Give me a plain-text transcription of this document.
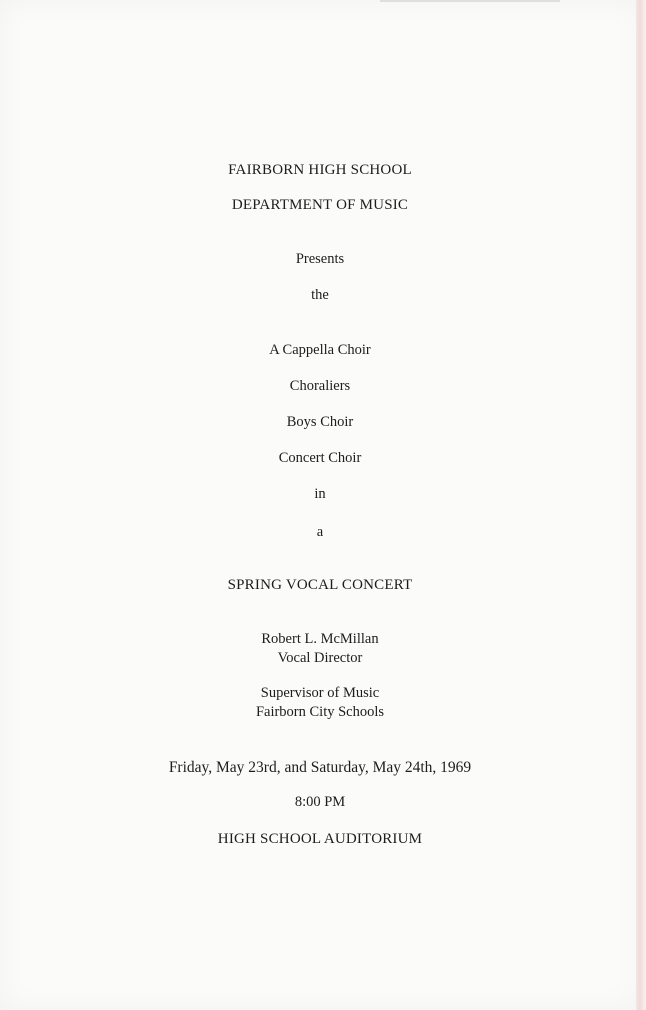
FAIRBORN HIGH SCHOOL
DEPARTMENT OF MUSIC
Presents
the
A Cappella Choir
Choraliers
Boys Choir
Concert Choir
in
a
SPRING VOCAL CONCERT
Robert L. McMillan
Vocal Director
Supervisor of Music
Fairborn City Schools
Friday, May 23rd, and Saturday, May 24th, 1969
8:00 PM
HIGH SCHOOL AUDITORIUM
